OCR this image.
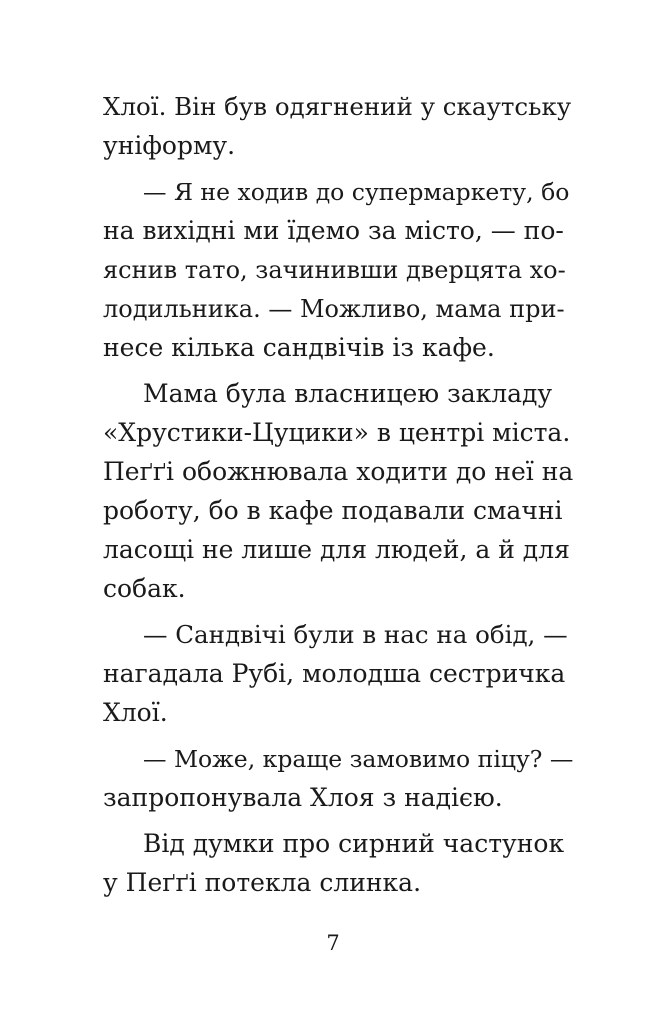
Хлої. Він був одягнений у скаутську
уніформу.
— Я не ходив до супермаркету, бо
на вихідні ми їдемо за місто, — по-
яснив тато, зачинивши дверцята хо-
лодильника. — Можливо, мама при-
несе кілька сандвічів із кафе.
Мама була власницею закладу
«Хрустики-Цуцики» в центрі міста.
Пеґґі обожнювала ходити до неї на
роботу, бо в кафе подавали смачні
ласощі не лише для людей, а й для
собак.
— Сандвічі були в нас на обід, —
нагадала Рубі, молодша сестричка
Хлої.
— Може, краще замовимо піцу? —
запропонувала Хлоя з надією.
Від думки про сирний частунок
у Пеґґі потекла слинка.
7
